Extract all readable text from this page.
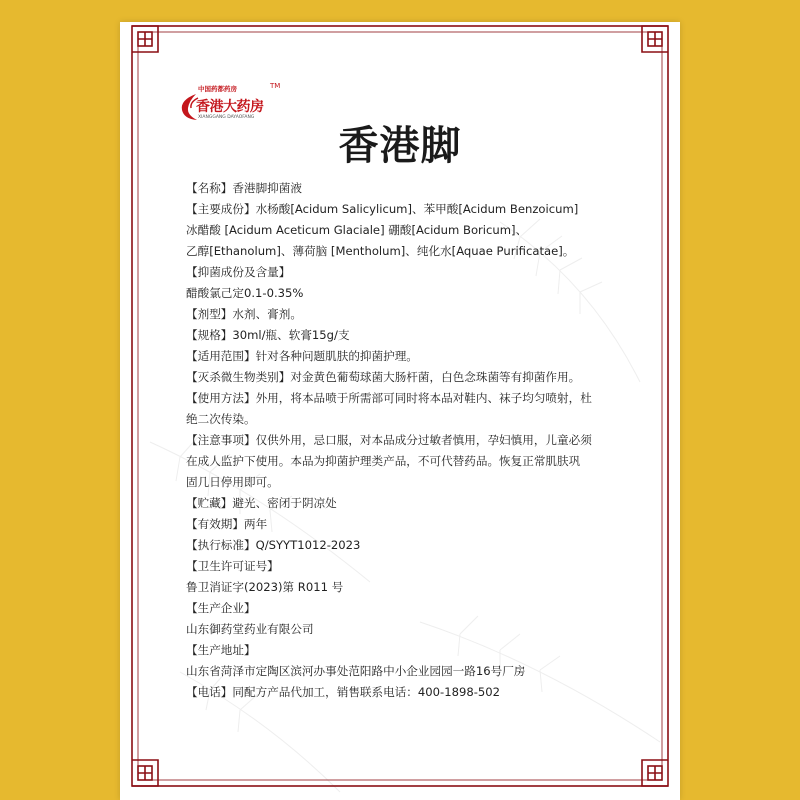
中国药都药房	TM
香港大药房
XIANGGANG DAYAOFANG
香港脚
【名称】香港脚抑菌液
【主要成份】水杨酸[Acidum Salicylicum]、苯甲酸[Acidum Benzoicum]
冰醋酸 [Acidum Aceticum Glaciale] 硼酸[Acidum Boricum]、
乙醇[Ethanolum]、薄荷脑 [Mentholum]、纯化水[Aquae Purificatae]。
【抑菌成份及含量】
醋酸氯己定0.1-0.35%
【剂型】水剂、膏剂。
【规格】30ml/瓶、软膏15g/支
【适用范围】针对各种问题肌肤的抑菌护理。
【灭杀微生物类别】对金黄色葡萄球菌大肠杆菌，白色念珠菌等有抑菌作用。
【使用方法】外用，将本品喷于所需部可同时将本品对鞋内、袜子均匀喷射，杜
绝二次传染。
【注意事项】仅供外用，忌口服，对本品成分过敏者慎用，孕妇慎用，儿童必须
在成人监护下使用。本品为抑菌护理类产品，不可代替药品。恢复正常肌肤巩
固几日停用即可。
【贮藏】避光、密闭于阴凉处
【有效期】两年
【执行标准】Q/SYYT1012-2023
【卫生许可证号】
鲁卫消证字(2023)第 R011 号
【生产企业】
山东御药堂药业有限公司
【生产地址】
山东省菏泽市定陶区滨河办事处范阳路中小企业园园一路16号厂房
【电话】同配方产品代加工，销售联系电话：400-1898-502
